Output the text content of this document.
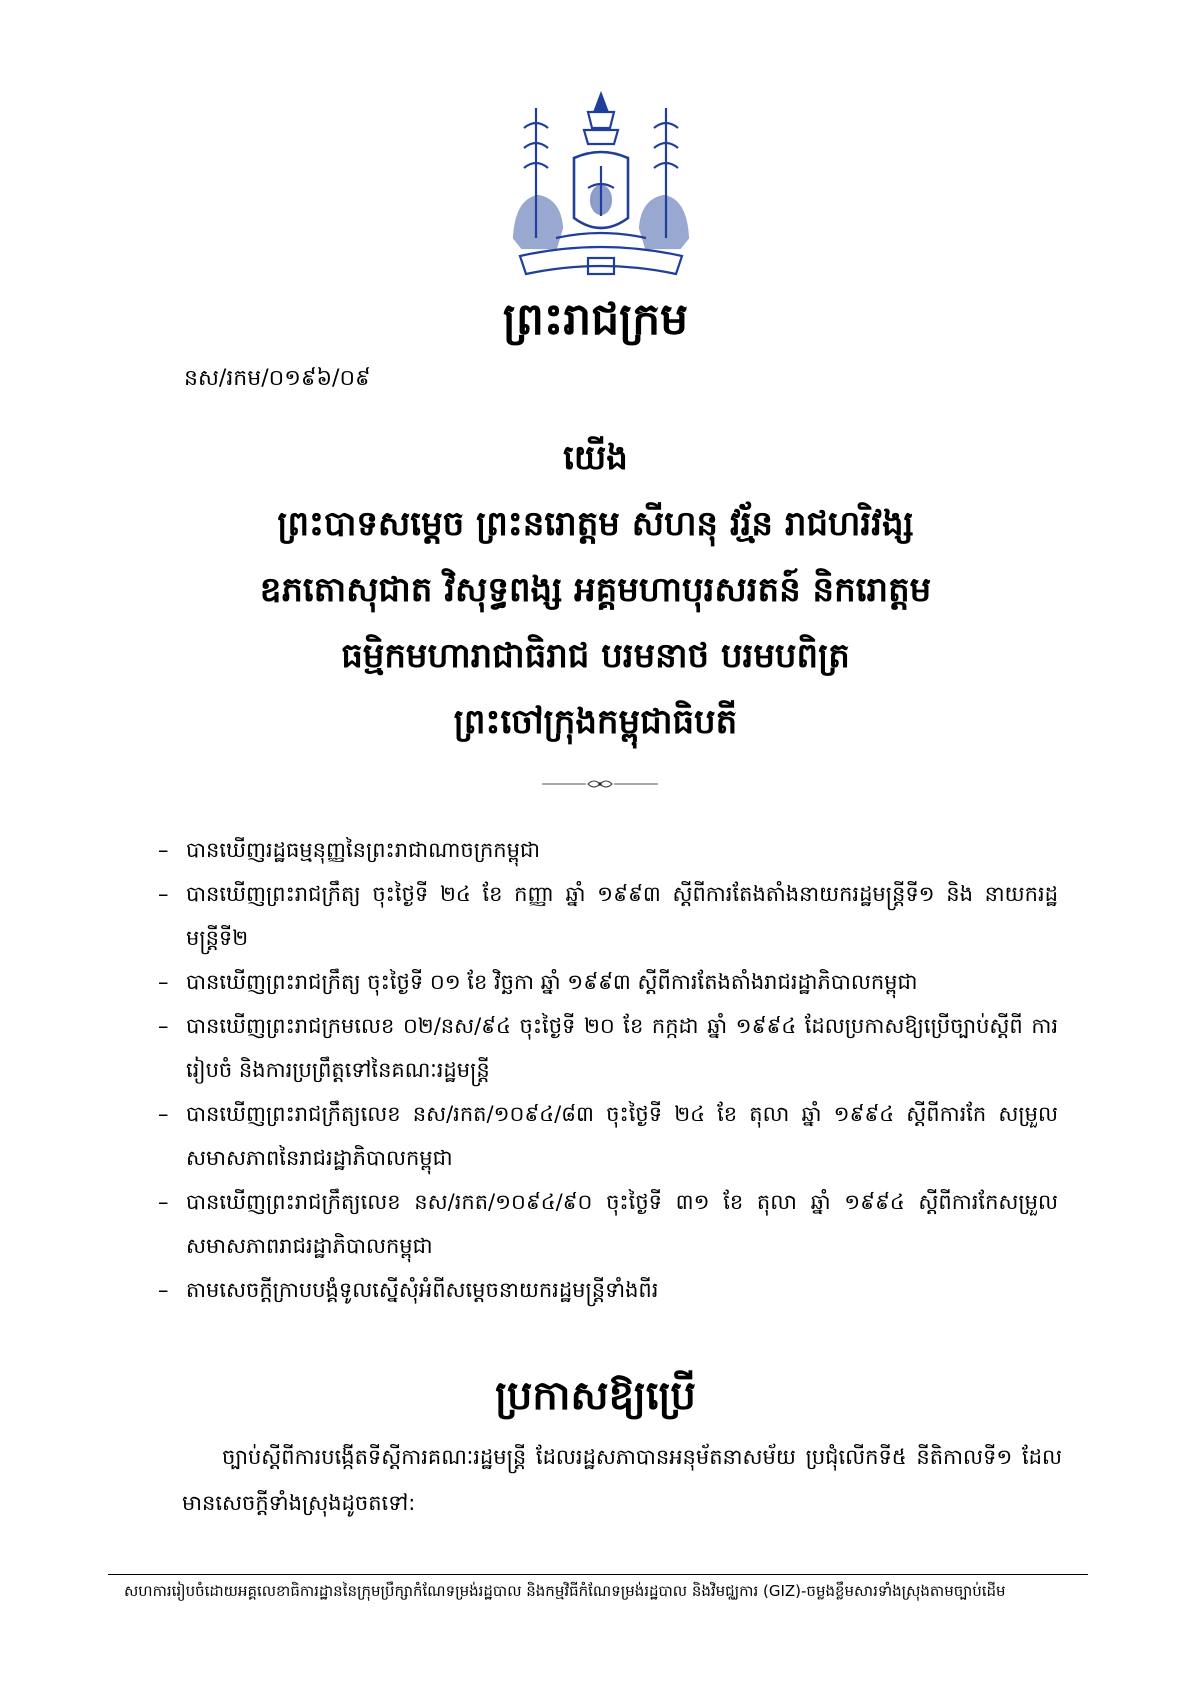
ព្រះរាជក្រម
នស/រកម/០១៩៦/០៩
យើង
ព្រះបាទសម្តេច ព្រះនរោត្តម សីហនុ វរ្ម័ន រាជហរិវង្ស
ឧភតោសុជាត វិសុទ្ធពង្ស អគ្គមហាបុរសរតន៍ និករោត្តម
ធម្មិកមហារាជាធិរាជ បរមនាថ បរមបពិត្រ
ព្រះចៅក្រុងកម្ពុជាធិបតី
– បានឃើញរដ្ឋធម្មនុញ្ញនៃព្រះរាជាណាចក្រកម្ពុជា
– បានឃើញព្រះរាជក្រឹត្យ ចុះថ្ងៃទី ២៤ ខែ កញ្ញា ឆ្នាំ ១៩៩៣ ស្តីពីការតែងតាំងនាយករដ្ឋមន្ត្រីទី១ និង នាយករដ្ឋមន្ត្រីទី២
– បានឃើញព្រះរាជក្រឹត្យ ចុះថ្ងៃទី ០១ ខែ វិច្ឆកា ឆ្នាំ ១៩៩៣ ស្តីពីការតែងតាំងរាជរដ្ឋាភិបាលកម្ពុជា
– បានឃើញព្រះរាជក្រមលេខ ០២/នស/៩៤ ចុះថ្ងៃទី ២០ ខែ កក្កដា ឆ្នាំ ១៩៩៤ ដែលប្រកាសឱ្យប្រើច្បាប់ស្តីពី ការរៀបចំ និងការប្រព្រឹត្តទៅនៃគណៈរដ្ឋមន្ត្រី
– បានឃើញព្រះរាជក្រឹត្យលេខ នស/រកត/១០៩៤/៨៣ ចុះថ្ងៃទី ២៤ ខែ តុលា ឆ្នាំ ១៩៩៤ ស្តីពីការកែ សម្រួលសមាសភាពនៃរាជរដ្ឋាភិបាលកម្ពុជា
– បានឃើញព្រះរាជក្រឹត្យលេខ នស/រកត/១០៩៤/៩០ ចុះថ្ងៃទី ៣១ ខែ តុលា ឆ្នាំ ១៩៩៤ ស្តីពីការកែសម្រួល សមាសភាពរាជរដ្ឋាភិបាលកម្ពុជា
– តាមសេចក្តីក្រាបបង្គំទូលស្នើសុំអំពីសម្តេចនាយករដ្ឋមន្ត្រីទាំងពីរ
ប្រកាសឱ្យប្រើ
ច្បាប់ស្តីពីការបង្កើតទីស្តីការគណៈរដ្ឋមន្ត្រី ដែលរដ្ឋសភាបានអនុម័តនាសម័យ ប្រជុំលើកទី៥ នីតិកាលទី១ ដែលមានសេចក្តីទាំងស្រុងដូចតទៅ:
សហការរៀបចំដោយអគ្គលេខាធិការដ្ឋាននៃក្រុមប្រឹក្សាកំណែទម្រង់រដ្ឋបាល និងកម្មវិធីកំណែទម្រង់រដ្ឋបាល និងវិមជ្ឈការ (GIZ)-ចម្លងខ្លឹមសារទាំងស្រុងតាមច្បាប់ដើម
